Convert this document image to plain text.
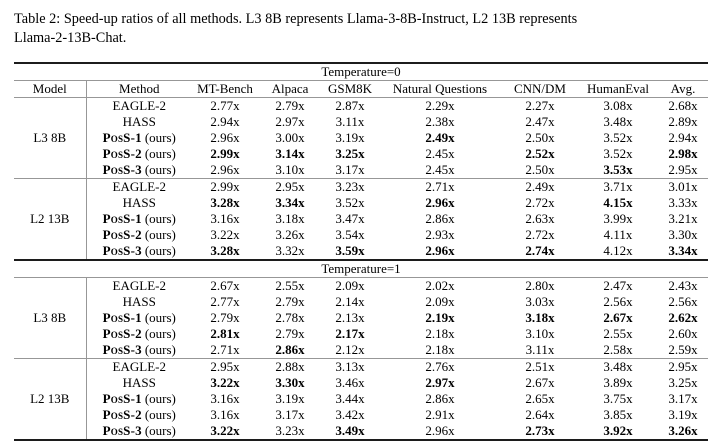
Table 2: Speed-up ratios of all methods. L3 8B represents Llama-3-8B-Instruct, L2 13B represents
Llama-2-13B-Chat.
Temperature=0								
Model	Method	MT-Bench	Alpaca	GSM8K	Natural Questions	CNN/DM	HumanEval	Avg.
L3 8B	EAGLE-2	2.77x	2.79x	2.87x	2.29x	2.27x	3.08x	2.68x
	HASS	2.94x	2.97x	3.11x	2.38x	2.47x	3.48x	2.89x
	PosS-1 (ours)	2.96x	3.00x	3.19x	2.49x	2.50x	3.52x	2.94x
	PosS-2 (ours)	2.99x	3.14x	3.25x	2.45x	2.52x	3.52x	2.98x
	PosS-3 (ours)	2.96x	3.10x	3.17x	2.45x	2.50x	3.53x	2.95x
L2 13B	EAGLE-2	2.99x	2.95x	3.23x	2.71x	2.49x	3.71x	3.01x
	HASS	3.28x	3.34x	3.52x	2.96x	2.72x	4.15x	3.33x
	PosS-1 (ours)	3.16x	3.18x	3.47x	2.86x	2.63x	3.99x	3.21x
	PosS-2 (ours)	3.22x	3.26x	3.54x	2.93x	2.72x	4.11x	3.30x
	PosS-3 (ours)	3.28x	3.32x	3.59x	2.96x	2.74x	4.12x	3.34x
Temperature=1								
L3 8B	EAGLE-2	2.67x	2.55x	2.09x	2.02x	2.80x	2.47x	2.43x
	HASS	2.77x	2.79x	2.14x	2.09x	3.03x	2.56x	2.56x
	PosS-1 (ours)	2.79x	2.78x	2.13x	2.19x	3.18x	2.67x	2.62x
	PosS-2 (ours)	2.81x	2.79x	2.17x	2.18x	3.10x	2.55x	2.60x
	PosS-3 (ours)	2.71x	2.86x	2.12x	2.18x	3.11x	2.58x	2.59x
L2 13B	EAGLE-2	2.95x	2.88x	3.13x	2.76x	2.51x	3.48x	2.95x
	HASS	3.22x	3.30x	3.46x	2.97x	2.67x	3.89x	3.25x
	PosS-1 (ours)	3.16x	3.19x	3.44x	2.86x	2.65x	3.75x	3.17x
	PosS-2 (ours)	3.16x	3.17x	3.42x	2.91x	2.64x	3.85x	3.19x
	PosS-3 (ours)	3.22x	3.23x	3.49x	2.96x	2.73x	3.92x	3.26x
